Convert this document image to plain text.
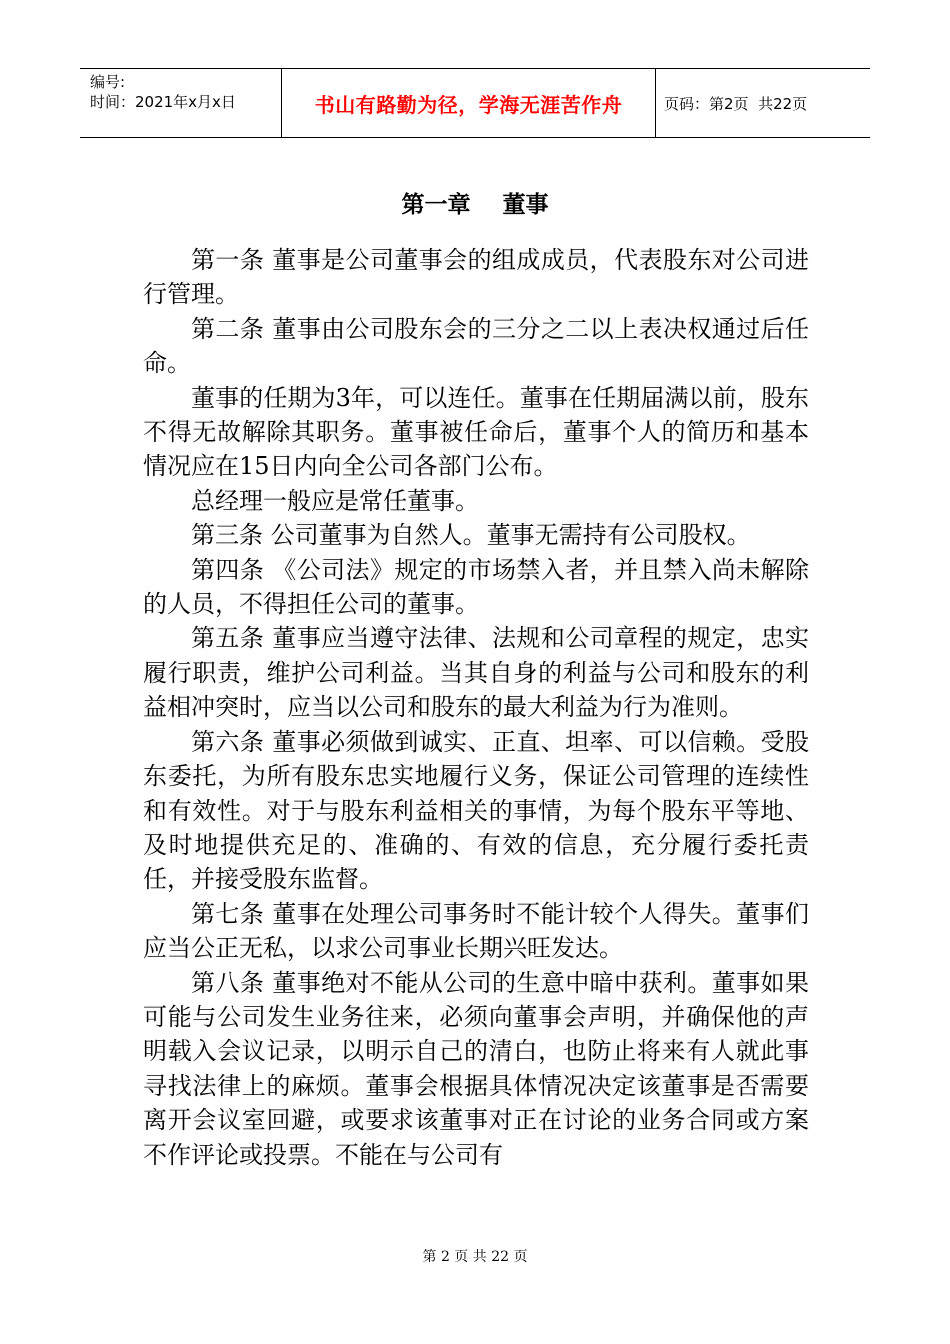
编号:
时间：2021年x月x日	书山有路勤为径，学海无涯苦作舟	页码：第2页  共22页
第一章    董事

第一条 董事是公司董事会的组成成员，代表股东对公司进行管理。

第二条 董事由公司股东会的三分之二以上表决权通过后任命。

董事的任期为3年，可以连任。董事在任期届满以前，股东不得无故解除其职务。董事被任命后，董事个人的简历和基本情况应在15日内向全公司各部门公布。

总经理一般应是常任董事。

第三条 公司董事为自然人。董事无需持有公司股权。

第四条 《公司法》规定的市场禁入者，并且禁入尚未解除的人员，不得担任公司的董事。

第五条 董事应当遵守法律、法规和公司章程的规定，忠实履行职责，维护公司利益。当其自身的利益与公司和股东的利益相冲突时，应当以公司和股东的最大利益为行为准则。

第六条 董事必须做到诚实、正直、坦率、可以信赖。受股东委托，为所有股东忠实地履行义务，保证公司管理的连续性和有效性。对于与股东利益相关的事情，为每个股东平等地、及时地提供充足的、准确的、有效的信息，充分履行委托责任，并接受股东监督。

第七条 董事在处理公司事务时不能计较个人得失。董事们应当公正无私，以求公司事业长期兴旺发达。

第八条 董事绝对不能从公司的生意中暗中获利。董事如果可能与公司发生业务往来，必须向董事会声明，并确保他的声明载入会议记录，以明示自己的清白，也防止将来有人就此事寻找法律上的麻烦。董事会根据具体情况决定该董事是否需要离开会议室回避，或要求该董事对正在讨论的业务合同或方案不作评论或投票。不能在与公司有

第 2 页 共 22 页
